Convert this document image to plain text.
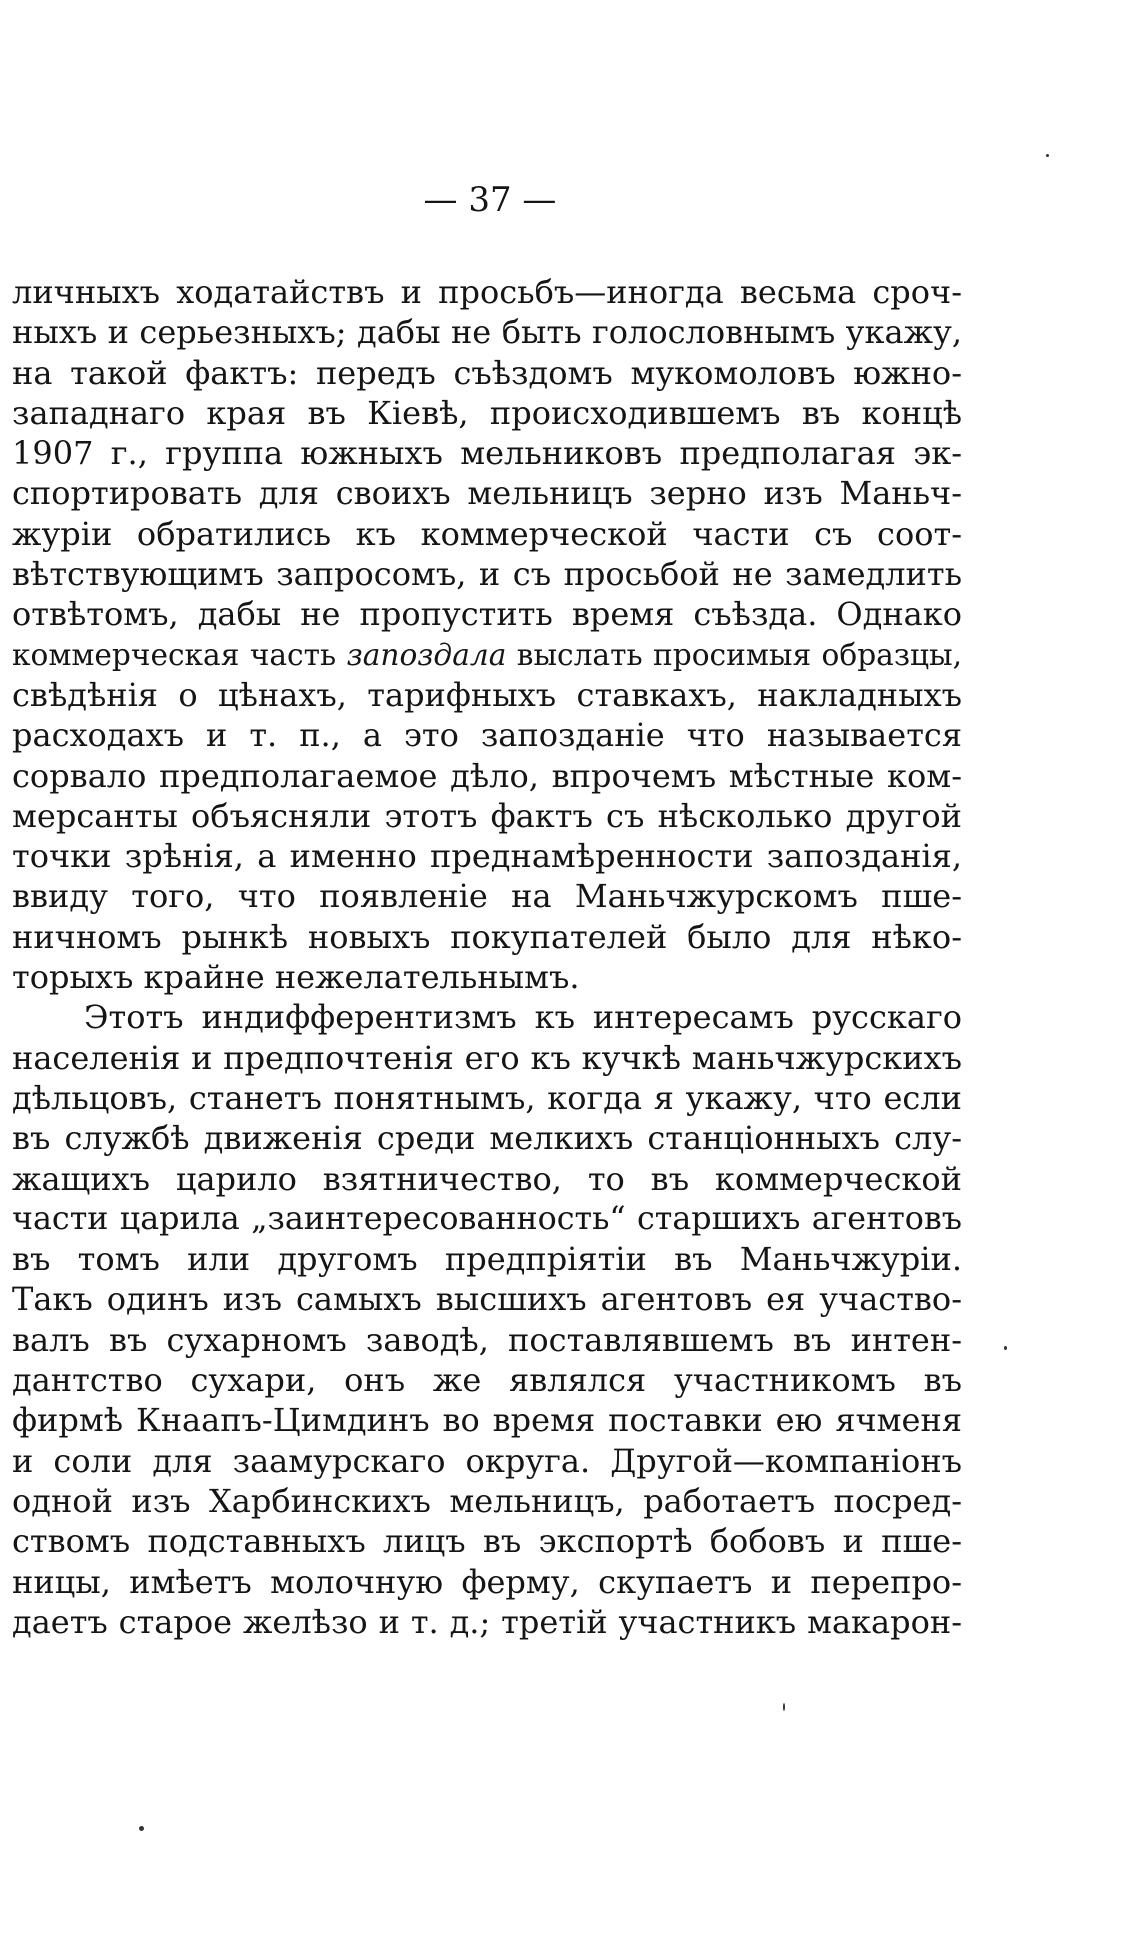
— 37 —
личныхъ ходатайствъ и просьбъ—иногда весьма сроч-
ныхъ и серьезныхъ; дабы не быть голословнымъ укажу,
на такой фактъ: передъ съѣздомъ мукомоловъ южно-
западнаго края въ Кіевѣ, происходившемъ въ концѣ
1907 г., группа южныхъ мельниковъ предполагая эк-
спортировать для своихъ мельницъ зерно изъ Маньч-
журіи обратились къ коммерческой части съ соот-
вѣтствующимъ запросомъ, и съ просьбой не замедлить
отвѣтомъ, дабы не пропустить время съѣзда. Однако
коммерческая часть запоздала выслать просимыя образцы,
свѣдѣнія о цѣнахъ, тарифныхъ ставкахъ, накладныхъ
расходахъ и т. п., а это запозданіе что называется
сорвало предполагаемое дѣло, впрочемъ мѣстные ком-
мерсанты объясняли этотъ фактъ съ нѣсколько другой
точки зрѣнія, а именно преднамѣренности запозданія,
ввиду того, что появленіе на Маньчжурскомъ пше-
ничномъ рынкѣ новыхъ покупателей было для нѣко-
торыхъ крайне нежелательнымъ.
Этотъ индифферентизмъ къ интересамъ русскаго
населенія и предпочтенія его къ кучкѣ маньчжурскихъ
дѣльцовъ, станетъ понятнымъ, когда я укажу, что если
въ службѣ движенія среди мелкихъ станціонныхъ слу-
жащихъ царило взятничество, то въ коммерческой
части царила „заинтересованность“ старшихъ агентовъ
въ томъ или другомъ предпріятіи въ Маньчжуріи.
Такъ одинъ изъ самыхъ высшихъ агентовъ ея участво-
валъ въ сухарномъ заводѣ, поставлявшемъ въ интен-
дантство сухари, онъ же являлся участникомъ въ
фирмѣ Кнаапъ-Цимдинъ во время поставки ею ячменя
и соли для заамурскаго округа. Другой—компаніонъ
одной изъ Харбинскихъ мельницъ, работаетъ посред-
ствомъ подставныхъ лицъ въ экспортѣ бобовъ и пше-
ницы, имѣетъ молочную ферму, скупаетъ и перепро-
даетъ старое желѣзо и т. д.; третій участникъ макарон-
